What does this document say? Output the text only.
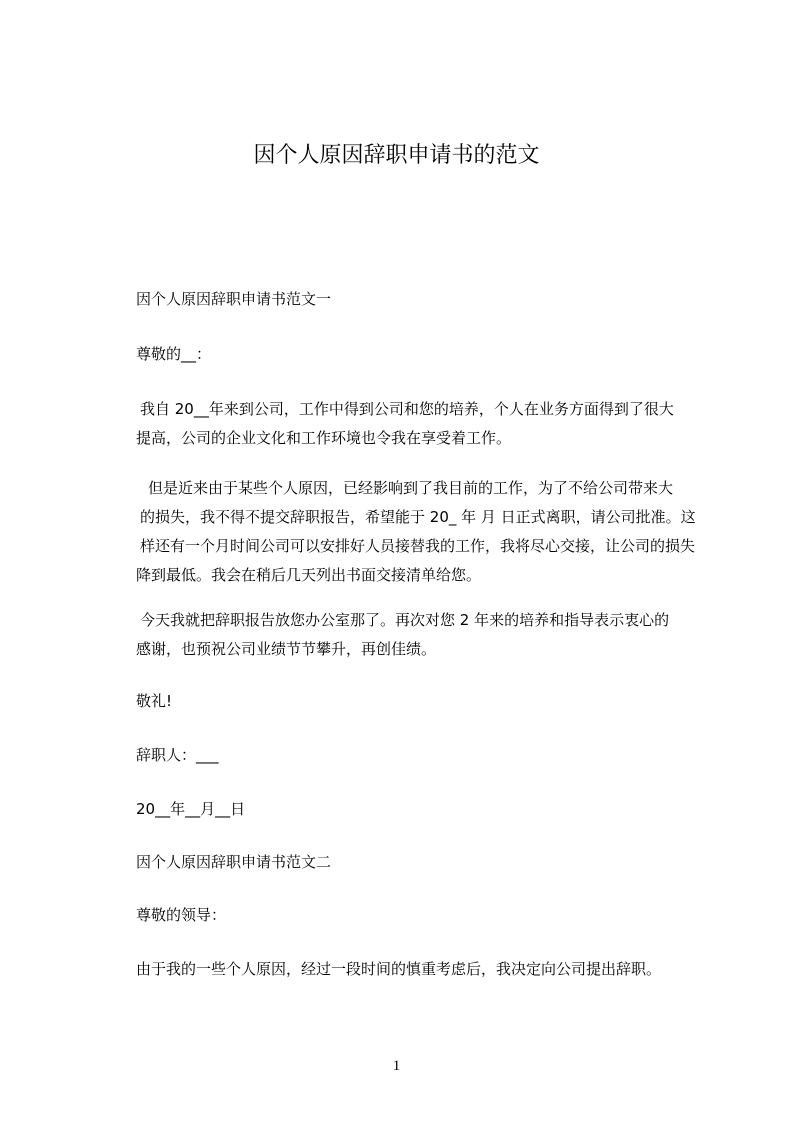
因个人原因辞职申请书的范文

因个人原因辞职申请书范文一

尊敬的__：

我自 20__年来到公司，工作中得到公司和您的培养，个人在业务方面得到了很大
提高，公司的企业文化和工作环境也令我在享受着工作。
但是近来由于某些个人原因，已经影响到了我目前的工作，为了不给公司带来大
的损失，我不得不提交辞职报告，希望能于 20_ 年 月 日正式离职，请公司批准。这
样还有一个月时间公司可以安排好人员接替我的工作，我将尽心交接，让公司的损失
降到最低。我会在稍后几天列出书面交接清单给您。
今天我就把辞职报告放您办公室那了。再次对您 2 年来的培养和指导表示衷心的
感谢，也预祝公司业绩节节攀升，再创佳绩。

敬礼!

辞职人：___

20__年__月__日

因个人原因辞职申请书范文二

尊敬的领导：

由于我的一些个人原因，经过一段时间的慎重考虑后，我决定向公司提出辞职。

1
